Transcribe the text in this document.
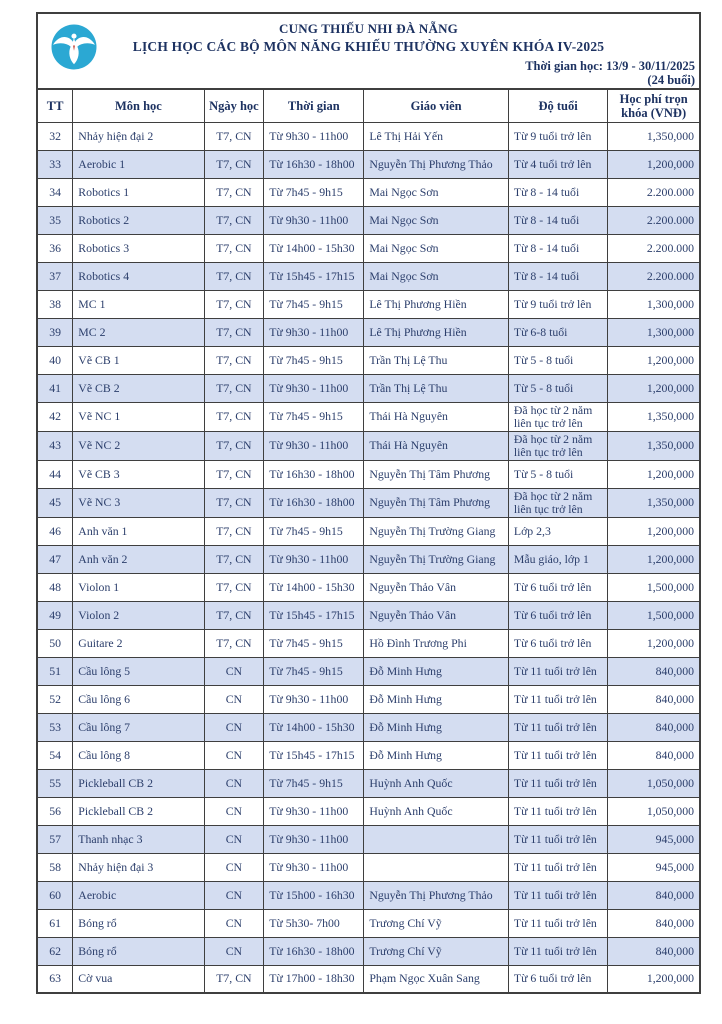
CUNG THIẾU NHI ĐÀ NẴNG
LỊCH HỌC CÁC BỘ MÔN NĂNG KHIẾU THƯỜNG XUYÊN KHÓA IV-2025
Thời gian học: 13/9 - 30/11/2025
(24 buổi)
TT	Môn học	Ngày học	Thời gian	Giáo viên	Độ tuổi	Học phí trọn khóa (VNĐ)
32	Nhảy hiện đại 2	T7, CN	Từ 9h30 - 11h00	Lê Thị Hải Yến	Từ 9 tuổi trở lên	1,350,000
33	Aerobic 1	T7, CN	Từ 16h30 - 18h00	Nguyễn Thị Phương Thảo	Từ 4 tuổi trở lên	1,200,000
34	Robotics 1	T7, CN	Từ 7h45 - 9h15	Mai Ngọc Sơn	Từ 8 - 14 tuổi	2.200.000
35	Robotics 2	T7, CN	Từ 9h30 - 11h00	Mai Ngọc Sơn	Từ 8 - 14 tuổi	2.200.000
36	Robotics 3	T7, CN	Từ 14h00 - 15h30	Mai Ngọc Sơn	Từ 8 - 14 tuổi	2.200.000
37	Robotics 4	T7, CN	Từ 15h45 - 17h15	Mai Ngọc Sơn	Từ 8 - 14 tuổi	2.200.000
38	MC 1	T7, CN	Từ 7h45 - 9h15	Lê Thị Phương Hiền	Từ 9 tuổi trở lên	1,300,000
39	MC 2	T7, CN	Từ 9h30 - 11h00	Lê Thị Phương Hiền	Từ 6-8 tuổi	1,300,000
40	Vẽ CB 1	T7, CN	Từ 7h45 - 9h15	Trần Thị Lệ Thu	Từ 5 - 8 tuổi	1,200,000
41	Vẽ CB 2	T7, CN	Từ 9h30 - 11h00	Trần Thị Lệ Thu	Từ 5 - 8 tuổi	1,200,000
42	Vẽ NC 1	T7, CN	Từ 7h45 - 9h15	Thái Hà Nguyên	Đã học từ 2 năm liên tục trở lên	1,350,000
43	Vẽ NC 2	T7, CN	Từ 9h30 - 11h00	Thái Hà Nguyên	Đã học từ 2 năm liên tục trở lên	1,350,000
44	Vẽ CB 3	T7, CN	Từ 16h30 - 18h00	Nguyễn Thị Tâm Phương	Từ 5 - 8 tuổi	1,200,000
45	Vẽ NC 3	T7, CN	Từ 16h30 - 18h00	Nguyễn Thị Tâm Phương	Đã học từ 2 năm liên tục trở lên	1,350,000
46	Anh văn 1	T7, CN	Từ 7h45 - 9h15	Nguyễn Thị Trường Giang	Lớp 2,3	1,200,000
47	Anh văn 2	T7, CN	Từ 9h30 - 11h00	Nguyễn Thị Trường Giang	Mẫu giáo, lớp 1	1,200,000
48	Violon 1	T7, CN	Từ 14h00 - 15h30	Nguyễn Thảo Vân	Từ 6 tuổi trở lên	1,500,000
49	Violon 2	T7, CN	Từ 15h45 - 17h15	Nguyễn Thảo Vân	Từ 6 tuổi trở lên	1,500,000
50	Guitare 2	T7, CN	Từ 7h45 - 9h15	Hồ Đình Trương Phi	Từ 6 tuổi trở lên	1,200,000
51	Cầu lông 5	CN	Từ 7h45 - 9h15	Đỗ Minh Hưng	Từ 11 tuổi trở lên	840,000
52	Cầu lông 6	CN	Từ 9h30 - 11h00	Đỗ Minh Hưng	Từ 11 tuổi trở lên	840,000
53	Cầu lông 7	CN	Từ 14h00 - 15h30	Đỗ Minh Hưng	Từ 11 tuổi trở lên	840,000
54	Cầu lông 8	CN	Từ 15h45 - 17h15	Đỗ Minh Hưng	Từ 11 tuổi trở lên	840,000
55	Pickleball CB 2	CN	Từ 7h45 - 9h15	Huỳnh Anh Quốc	Từ 11 tuổi trở lên	1,050,000
56	Pickleball CB 2	CN	Từ 9h30 - 11h00	Huỳnh Anh Quốc	Từ 11 tuổi trở lên	1,050,000
57	Thanh nhạc 3	CN	Từ 9h30 - 11h00		Từ 11 tuổi trở lên	945,000
58	Nhảy hiện đại 3	CN	Từ 9h30 - 11h00		Từ 11 tuổi trở lên	945,000
60	Aerobic	CN	Từ 15h00 - 16h30	Nguyễn Thị Phương Thảo	Từ 11 tuổi trở lên	840,000
61	Bóng rổ	CN	Từ 5h30- 7h00	Trương Chí Vỹ	Từ 11 tuổi trở lên	840,000
62	Bóng rổ	CN	Từ 16h30 - 18h00	Trương Chí Vỹ	Từ 11 tuổi trở lên	840,000
63	Cờ vua	T7, CN	Từ 17h00 - 18h30	Phạm Ngọc Xuân Sang	Từ 6 tuổi trở lên	1,200,000
